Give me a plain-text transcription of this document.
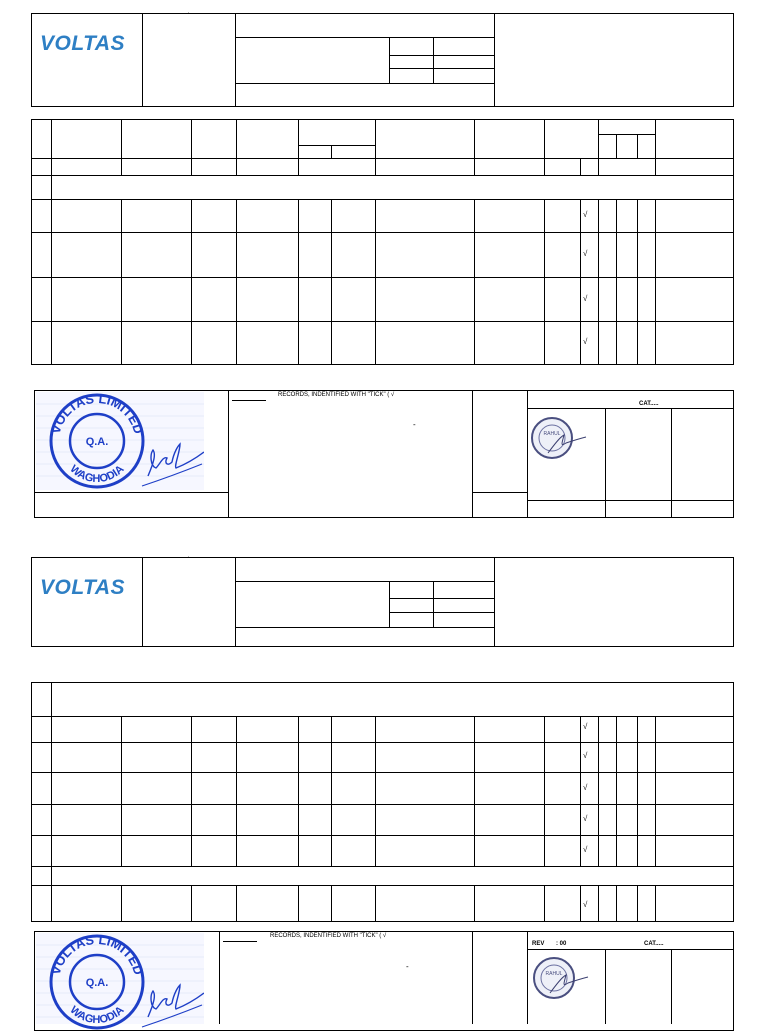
VOLTAS
'
√
√
√
√
RECORDS, INDENTIFIED WITH "TICK" ( √
-
CAT.....
VOLTAS LIMITED
WAGHODIA
Q.A.
RAHUL
VOLTAS
'
√
√
√
√
√
√
RECORDS, INDENTIFIED WITH "TICK" ( √
-
REV : 00	CAT.....
VOLTAS LIMITED
WAGHODIA
Q.A.
RAHUL
